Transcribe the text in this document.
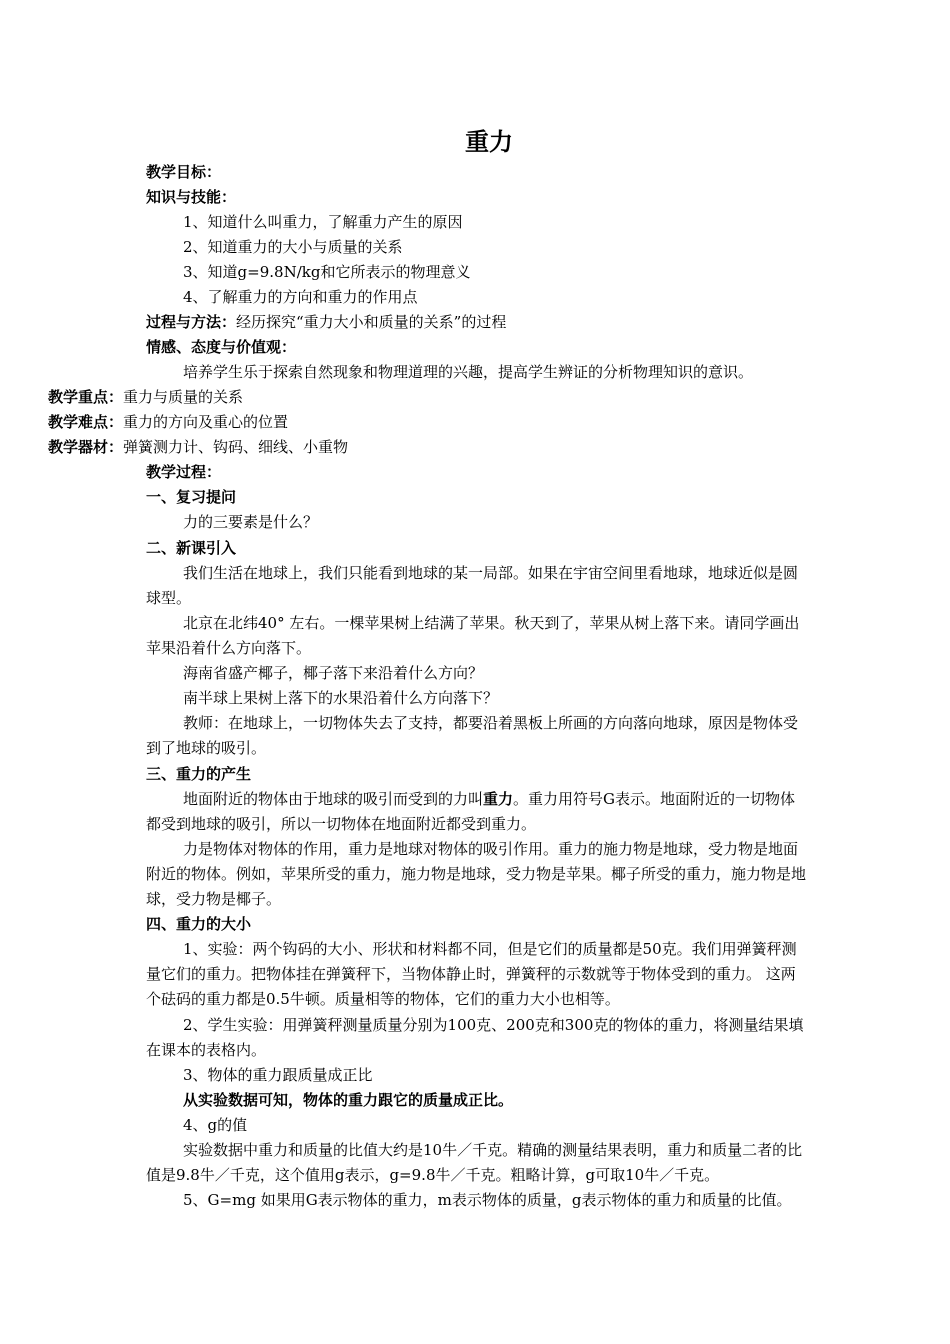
重力
教学目标：
知识与技能：
1、知道什么叫重力，了解重力产生的原因
2、知道重力的大小与质量的关系
3、知道g=9.8N/kg和它所表示的物理意义
4、了解重力的方向和重力的作用点
过程与方法：经历探究“重力大小和质量的关系”的过程
情感、态度与价值观：
培养学生乐于探索自然现象和物理道理的兴趣，提高学生辨证的分析物理知识的意识。
教学重点：重力与质量的关系
教学难点：重力的方向及重心的位置
教学器材：弹簧测力计、钩码、细线、小重物
教学过程：
一、复习提问
力的三要素是什么？
二、新课引入
我们生活在地球上，我们只能看到地球的某一局部。如果在宇宙空间里看地球，地球近似是圆球型。
北京在北纬40° 左右。一棵苹果树上结满了苹果。秋天到了，苹果从树上落下来。请同学画出苹果沿着什么方向落下。
海南省盛产椰子，椰子落下来沿着什么方向？
南半球上果树上落下的水果沿着什么方向落下？
教师：在地球上，一切物体失去了支持，都要沿着黑板上所画的方向落向地球，原因是物体受到了地球的吸引。
三、重力的产生
地面附近的物体由于地球的吸引而受到的力叫重力。重力用符号G表示。地面附近的一切物体都受到地球的吸引，所以一切物体在地面附近都受到重力。
力是物体对物体的作用，重力是地球对物体的吸引作用。重力的施力物是地球，受力物是地面附近的物体。例如，苹果所受的重力，施力物是地球，受力物是苹果。椰子所受的重力，施力物是地球，受力物是椰子。
四、重力的大小
1、实验：两个钩码的大小、形状和材料都不同，但是它们的质量都是50克。我们用弹簧秤测量它们的重力。把物体挂在弹簧秤下，当物体静止时，弹簧秤的示数就等于物体受到的重力。 这两个砝码的重力都是0.5牛顿。质量相等的物体，它们的重力大小也相等。
2、学生实验：用弹簧秤测量质量分别为100克、200克和300克的物体的重力，将测量结果填在课本的表格内。
3、物体的重力跟质量成正比
从实验数据可知，物体的重力跟它的质量成正比。
4、g的值
实验数据中重力和质量的比值大约是10牛／千克。精确的测量结果表明，重力和质量二者的比值是9.8牛／千克，这个值用g表示，g=9.8牛／千克。粗略计算，g可取10牛／千克。
5、G=mg 如果用G表示物体的重力，m表示物体的质量，g表示物体的重力和质量的比值。
